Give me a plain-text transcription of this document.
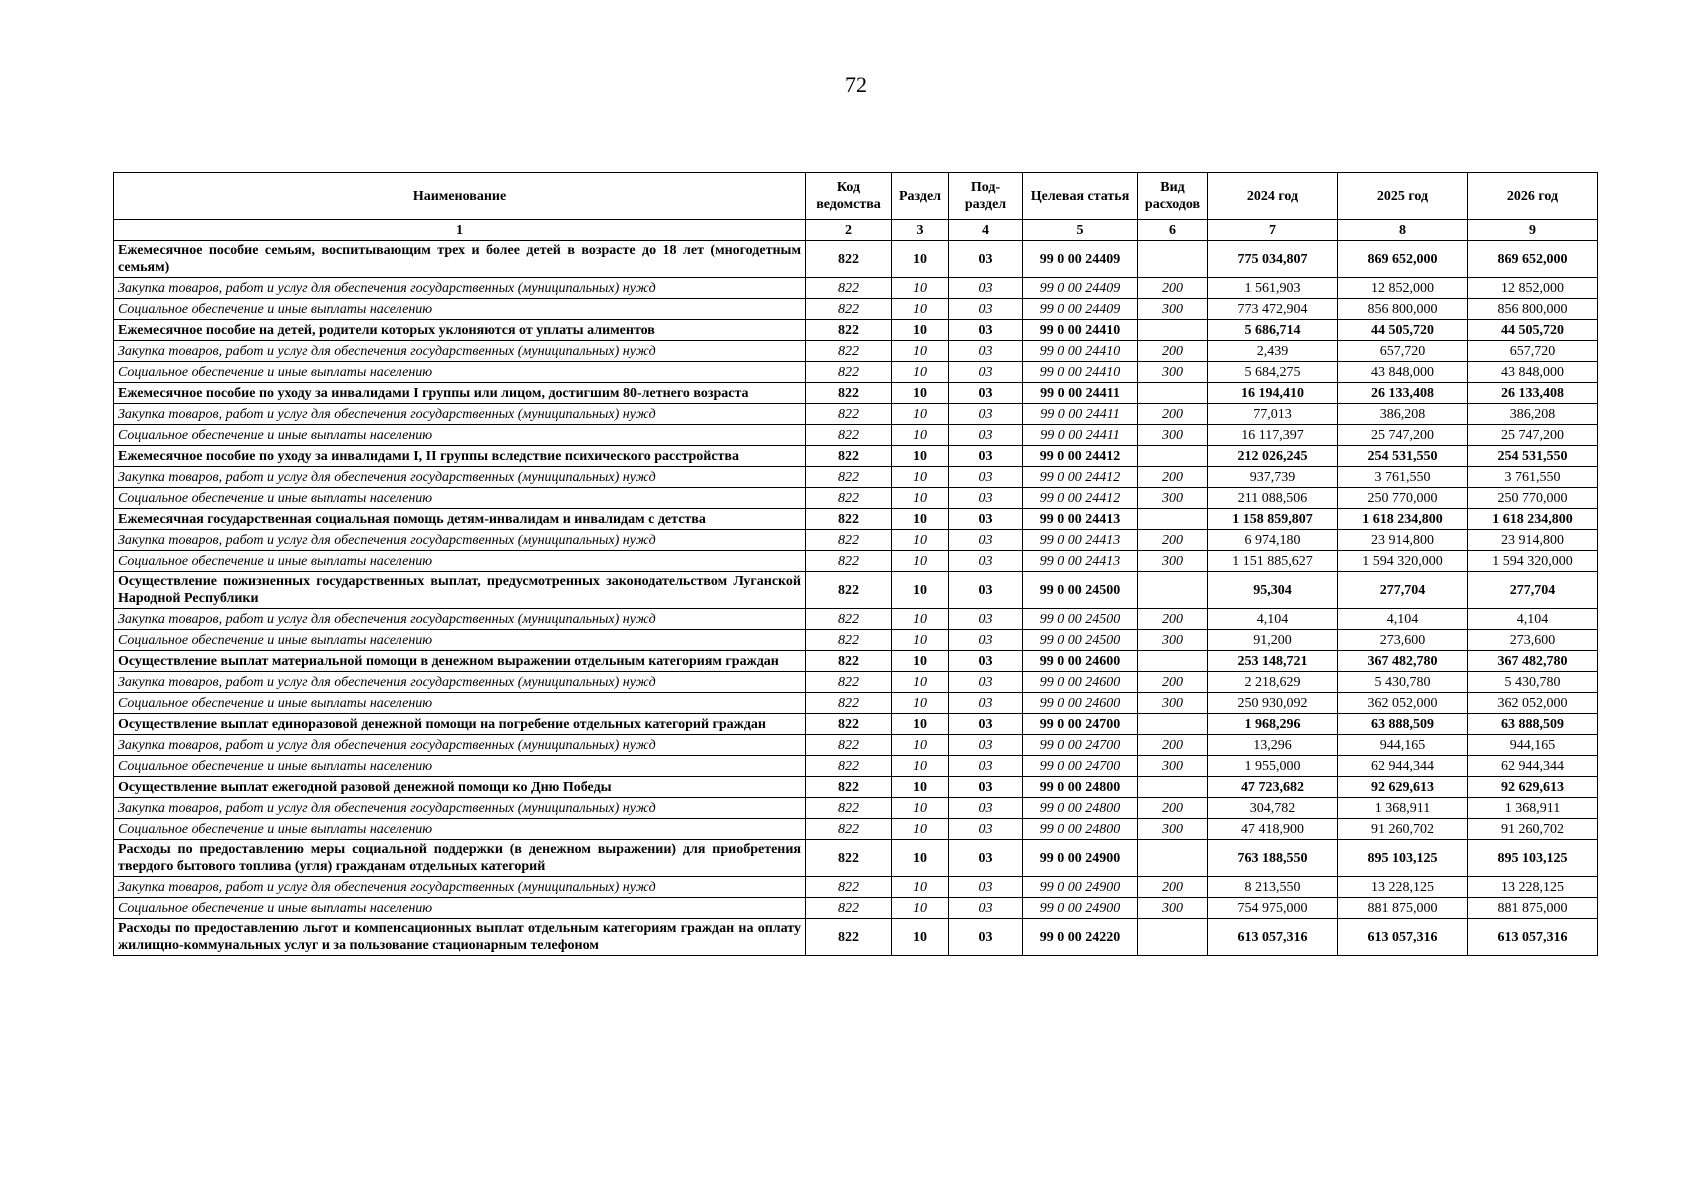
72
Наименование	Код ведомства	Раздел	Под-раздел	Целевая статья	Вид расходов	2024 год	2025 год	2026 год
1	2	3	4	5	6	7	8	9
Ежемесячное пособие семьям, воспитывающим трех и более детей в возрасте до 18 лет (многодетным семьям)	822	10	03	99 0 00 24409		775 034,807	869 652,000	869 652,000
Закупка товаров, работ и услуг для обеспечения государственных (муниципальных) нужд	822	10	03	99 0 00 24409	200	1 561,903	12 852,000	12 852,000
Социальное обеспечение и иные выплаты населению	822	10	03	99 0 00 24409	300	773 472,904	856 800,000	856 800,000
Ежемесячное пособие на детей, родители которых уклоняются от уплаты алиментов	822	10	03	99 0 00 24410		5 686,714	44 505,720	44 505,720
Закупка товаров, работ и услуг для обеспечения государственных (муниципальных) нужд	822	10	03	99 0 00 24410	200	2,439	657,720	657,720
Социальное обеспечение и иные выплаты населению	822	10	03	99 0 00 24410	300	5 684,275	43 848,000	43 848,000
Ежемесячное пособие по уходу за инвалидами I группы или лицом, достигшим 80-летнего возраста	822	10	03	99 0 00 24411		16 194,410	26 133,408	26 133,408
Закупка товаров, работ и услуг для обеспечения государственных (муниципальных) нужд	822	10	03	99 0 00 24411	200	77,013	386,208	386,208
Социальное обеспечение и иные выплаты населению	822	10	03	99 0 00 24411	300	16 117,397	25 747,200	25 747,200
Ежемесячное пособие по уходу за инвалидами I, II группы вследствие психического расстройства	822	10	03	99 0 00 24412		212 026,245	254 531,550	254 531,550
Закупка товаров, работ и услуг для обеспечения государственных (муниципальных) нужд	822	10	03	99 0 00 24412	200	937,739	3 761,550	3 761,550
Социальное обеспечение и иные выплаты населению	822	10	03	99 0 00 24412	300	211 088,506	250 770,000	250 770,000
Ежемесячная государственная социальная помощь детям-инвалидам и инвалидам с детства	822	10	03	99 0 00 24413		1 158 859,807	1 618 234,800	1 618 234,800
Закупка товаров, работ и услуг для обеспечения государственных (муниципальных) нужд	822	10	03	99 0 00 24413	200	6 974,180	23 914,800	23 914,800
Социальное обеспечение и иные выплаты населению	822	10	03	99 0 00 24413	300	1 151 885,627	1 594 320,000	1 594 320,000
Осуществление пожизненных государственных выплат, предусмотренных законодательством Луганской Народной Республики	822	10	03	99 0 00 24500		95,304	277,704	277,704
Закупка товаров, работ и услуг для обеспечения государственных (муниципальных) нужд	822	10	03	99 0 00 24500	200	4,104	4,104	4,104
Социальное обеспечение и иные выплаты населению	822	10	03	99 0 00 24500	300	91,200	273,600	273,600
Осуществление выплат материальной помощи в денежном выражении отдельным категориям граждан	822	10	03	99 0 00 24600		253 148,721	367 482,780	367 482,780
Закупка товаров, работ и услуг для обеспечения государственных (муниципальных) нужд	822	10	03	99 0 00 24600	200	2 218,629	5 430,780	5 430,780
Социальное обеспечение и иные выплаты населению	822	10	03	99 0 00 24600	300	250 930,092	362 052,000	362 052,000
Осуществление выплат единоразовой денежной помощи на погребение отдельных категорий граждан	822	10	03	99 0 00 24700		1 968,296	63 888,509	63 888,509
Закупка товаров, работ и услуг для обеспечения государственных (муниципальных) нужд	822	10	03	99 0 00 24700	200	13,296	944,165	944,165
Социальное обеспечение и иные выплаты населению	822	10	03	99 0 00 24700	300	1 955,000	62 944,344	62 944,344
Осуществление выплат ежегодной разовой денежной помощи ко Дню Победы	822	10	03	99 0 00 24800		47 723,682	92 629,613	92 629,613
Закупка товаров, работ и услуг для обеспечения государственных (муниципальных) нужд	822	10	03	99 0 00 24800	200	304,782	1 368,911	1 368,911
Социальное обеспечение и иные выплаты населению	822	10	03	99 0 00 24800	300	47 418,900	91 260,702	91 260,702
Расходы по предоставлению меры социальной поддержки (в денежном выражении) для приобретения твердого бытового топлива (угля) гражданам отдельных категорий	822	10	03	99 0 00 24900		763 188,550	895 103,125	895 103,125
Закупка товаров, работ и услуг для обеспечения государственных (муниципальных) нужд	822	10	03	99 0 00 24900	200	8 213,550	13 228,125	13 228,125
Социальное обеспечение и иные выплаты населению	822	10	03	99 0 00 24900	300	754 975,000	881 875,000	881 875,000
Расходы по предоставлению льгот и компенсационных выплат отдельным категориям граждан на оплату жилищно-коммунальных услуг и за пользование стационарным телефоном	822	10	03	99 0 00 24220		613 057,316	613 057,316	613 057,316
